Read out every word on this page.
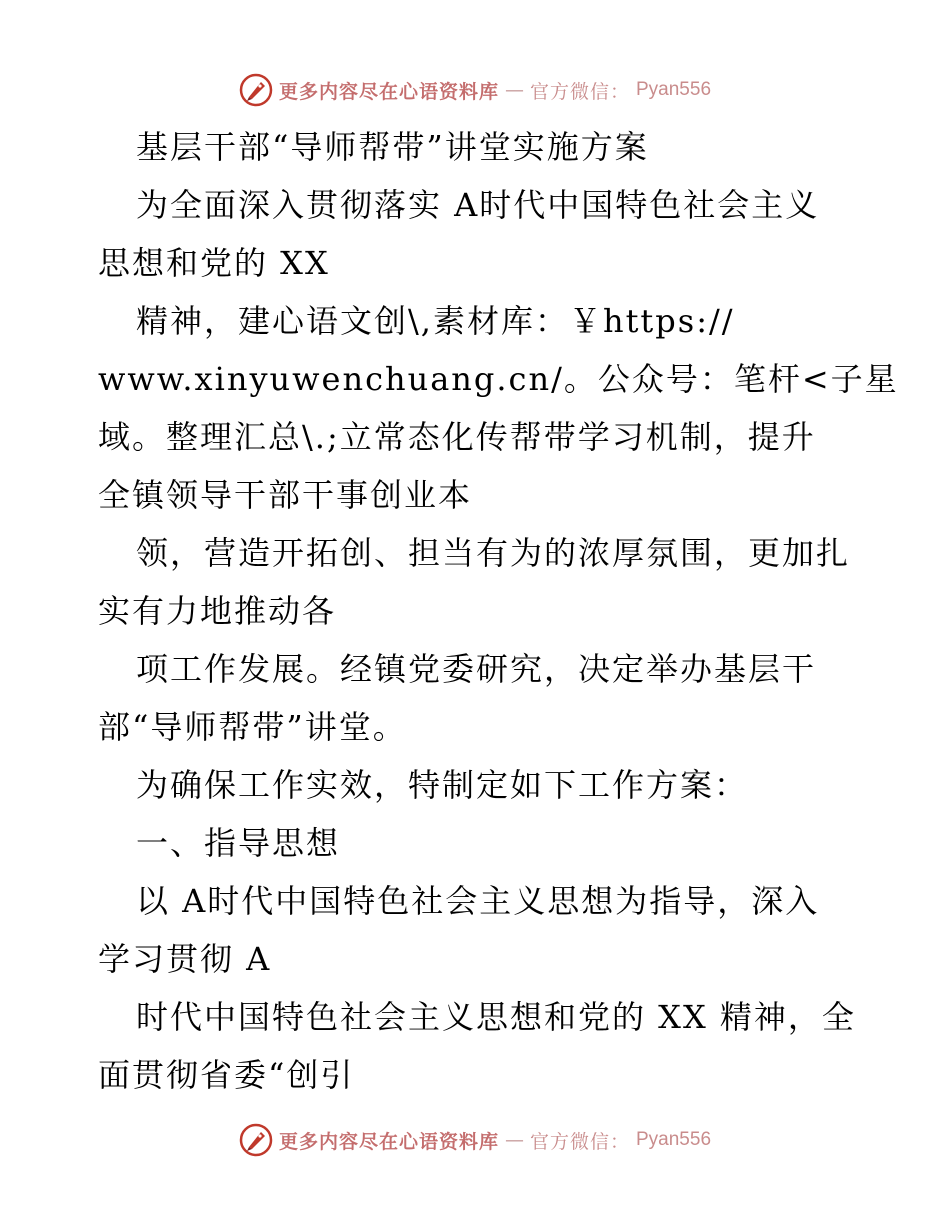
更多内容尽在心语资料库 — 官方微信： Pyan556
基层干部“导师帮带”讲堂实施方案
为全面深入贯彻落实 A时代中国特色社会主义
思想和党的 XX
精神，建心语文创\,素材库：￥https://
www.xinyuwenchuang.cn/。公众号：笔杆<子星
域。整理汇总\.;立常态化传帮带学习机制，提升
全镇领导干部干事创业本
领，营造开拓创、担当有为的浓厚氛围，更加扎
实有力地推动各
项工作发展。经镇党委研究，决定举办基层干
部“导师帮带”讲堂。
为确保工作实效，特制定如下工作方案：
一、指导思想
以 A时代中国特色社会主义思想为指导，深入
学习贯彻 A
时代中国特色社会主义思想和党的 XX 精神，全
面贯彻省委“创引
更多内容尽在心语资料库 — 官方微信： Pyan556
